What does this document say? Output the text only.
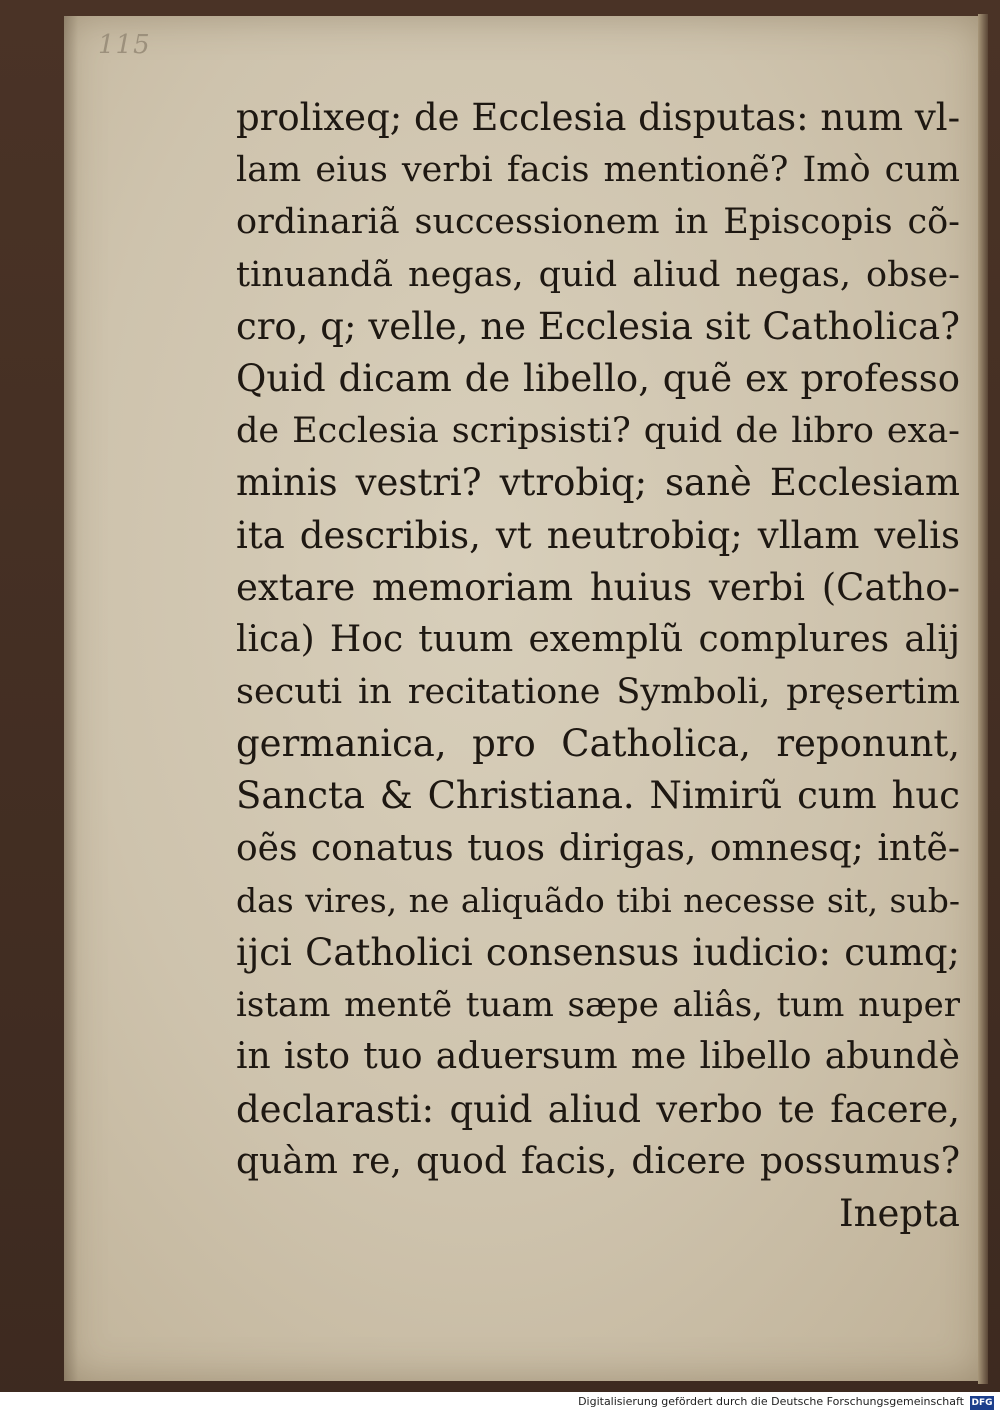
115
prolixeq; de Ecclesia disputas: num vl-
lam eius verbi facis mentionẽ? Imò cum
ordinariã successionem in Episcopis cõ-
tinuandã negas, quid aliud negas, obse-
cro, q; velle, ne Ecclesia sit Catholica?
Quid dicam de libello, quẽ ex professo
de Ecclesia scripsisti? quid de libro exa-
minis vestri? vtrobiq; sanè Ecclesiam
ita describis, vt neutrobiq; vllam velis
extare memoriam huius verbi (Catho-
lica) Hoc tuum exemplũ complures alij
secuti in recitatione Symboli, pręsertim
germanica, pro Catholica, reponunt,
Sancta & Christiana. Nimirũ cum huc
oẽs conatus tuos dirigas, omnesq; intẽ-
das vires, ne aliquãdo tibi necesse sit, sub-
ijci Catholici consensus iudicio: cumq;
istam mentẽ tuam sæpe aliâs, tum nuper
in isto tuo aduersum me libello abundè
declarasti: quid aliud verbo te facere,
quàm re, quod facis, dicere possumus?
Inepta
Digitalisierung gefördert durch die Deutsche Forschungsgemeinschaft DFG
